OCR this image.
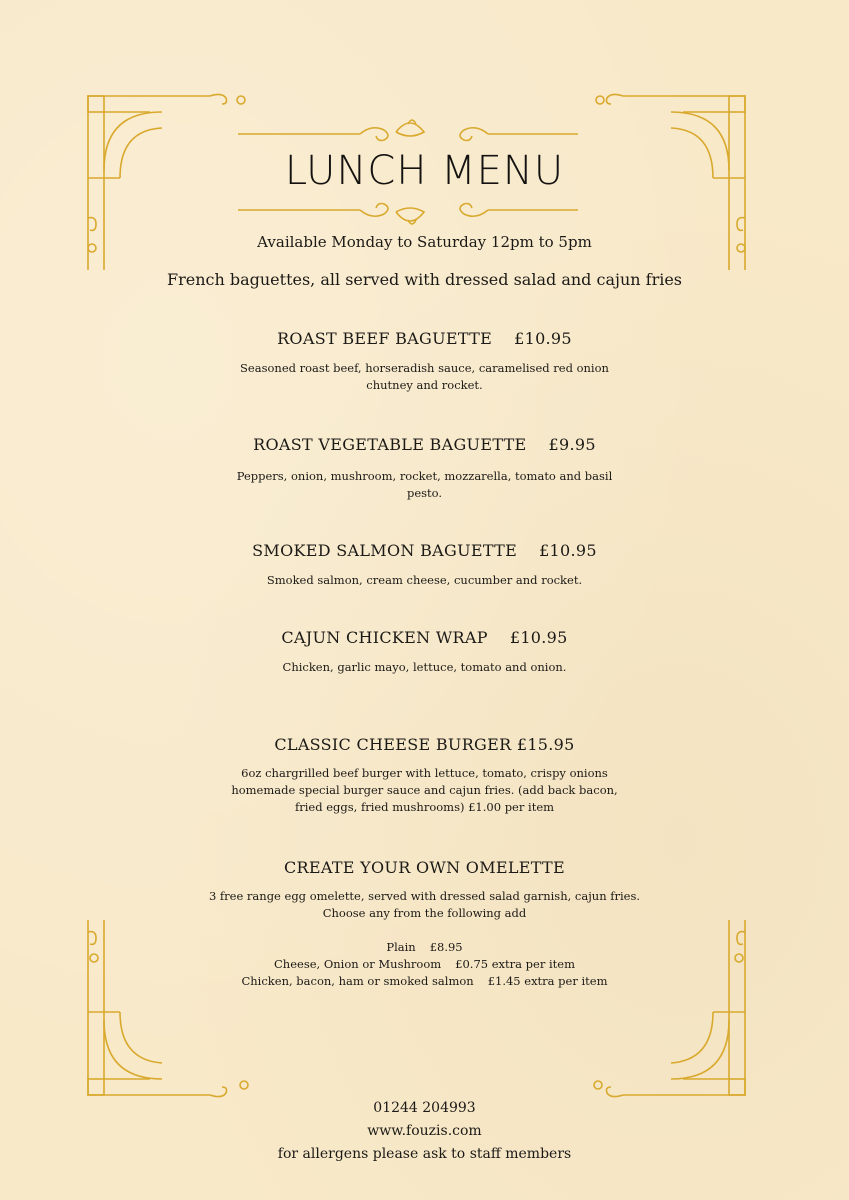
LUNCH MENU
Available Monday to Saturday 12pm to 5pm
French baguettes, all served with dressed salad and cajun fries
ROAST BEEF BAGUETTE £10.95
Seasoned roast beef, horseradish sauce, caramelised red onion
chutney and rocket.
ROAST VEGETABLE BAGUETTE £9.95
Peppers, onion, mushroom, rocket, mozzarella, tomato and basil
pesto.
SMOKED SALMON BAGUETTE £10.95
Smoked salmon, cream cheese, cucumber and rocket.
CAJUN CHICKEN WRAP £10.95
Chicken, garlic mayo, lettuce, tomato and onion.
CLASSIC CHEESE BURGER £15.95
6oz chargrilled beef burger with lettuce, tomato, crispy onions
homemade special burger sauce and cajun fries. (add back bacon,
fried eggs, fried mushrooms) £1.00 per item
CREATE YOUR OWN OMELETTE
3 free range egg omelette, served with dressed salad garnish, cajun fries.
Choose any from the following add
Plain £8.95
Cheese, Onion or Mushroom £0.75 extra per item
Chicken, bacon, ham or smoked salmon £1.45 extra per item
01244 204993
www.fouzis.com
for allergens please ask to staff members
